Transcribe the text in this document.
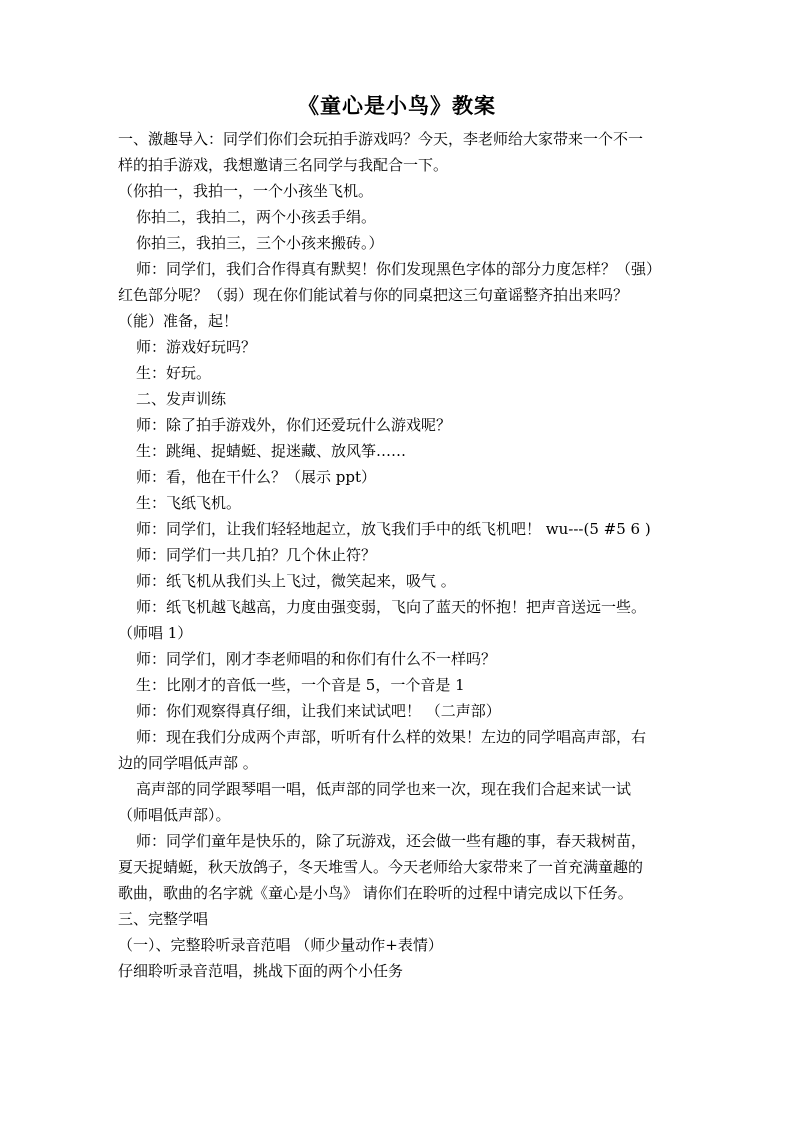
《童心是小鸟》教案

一、激趣导入：同学们你们会玩拍手游戏吗？今天，李老师给大家带来一个不一

样的拍手游戏，我想邀请三名同学与我配合一下。

（你拍一，我拍一，一个小孩坐飞机。

你拍二，我拍二，两个小孩丢手绢。

你拍三，我拍三，三个小孩来搬砖。）

师：同学们，我们合作得真有默契！你们发现黑色字体的部分力度怎样？（强）

红色部分呢？（弱）现在你们能试着与你的同桌把这三句童谣整齐拍出来吗？

（能）准备，起！

师：游戏好玩吗？

生：好玩。

二、发声训练

师：除了拍手游戏外，你们还爱玩什么游戏呢？

生：跳绳、捉蜻蜓、捉迷藏、放风筝……

师：看，他在干什么？（展示 ppt）

生：飞纸飞机。

师：同学们，让我们轻轻地起立，放飞我们手中的纸飞机吧！ wu---(5 #5 6 )

师：同学们一共几拍？几个休止符？

师：纸飞机从我们头上飞过，微笑起来，吸气 。

师：纸飞机越飞越高，力度由强变弱，飞向了蓝天的怀抱！把声音送远一些。

（师唱 1）

师：同学们，刚才李老师唱的和你们有什么不一样吗？

生：比刚才的音低一些，一个音是 5，一个音是 1

师：你们观察得真仔细，让我们来试试吧！ （二声部）

师：现在我们分成两个声部，听听有什么样的效果！左边的同学唱高声部，右

边的同学唱低声部 。

高声部的同学跟琴唱一唱，低声部的同学也来一次，现在我们合起来试一试

（师唱低声部）。

师：同学们童年是快乐的，除了玩游戏，还会做一些有趣的事，春天栽树苗，

夏天捉蜻蜓，秋天放鸽子，冬天堆雪人。今天老师给大家带来了一首充满童趣的

歌曲，歌曲的名字就《童心是小鸟》 请你们在聆听的过程中请完成以下任务。

三、完整学唱

（一）、完整聆听录音范唱 （师少量动作+表情）

仔细聆听录音范唱，挑战下面的两个小任务
